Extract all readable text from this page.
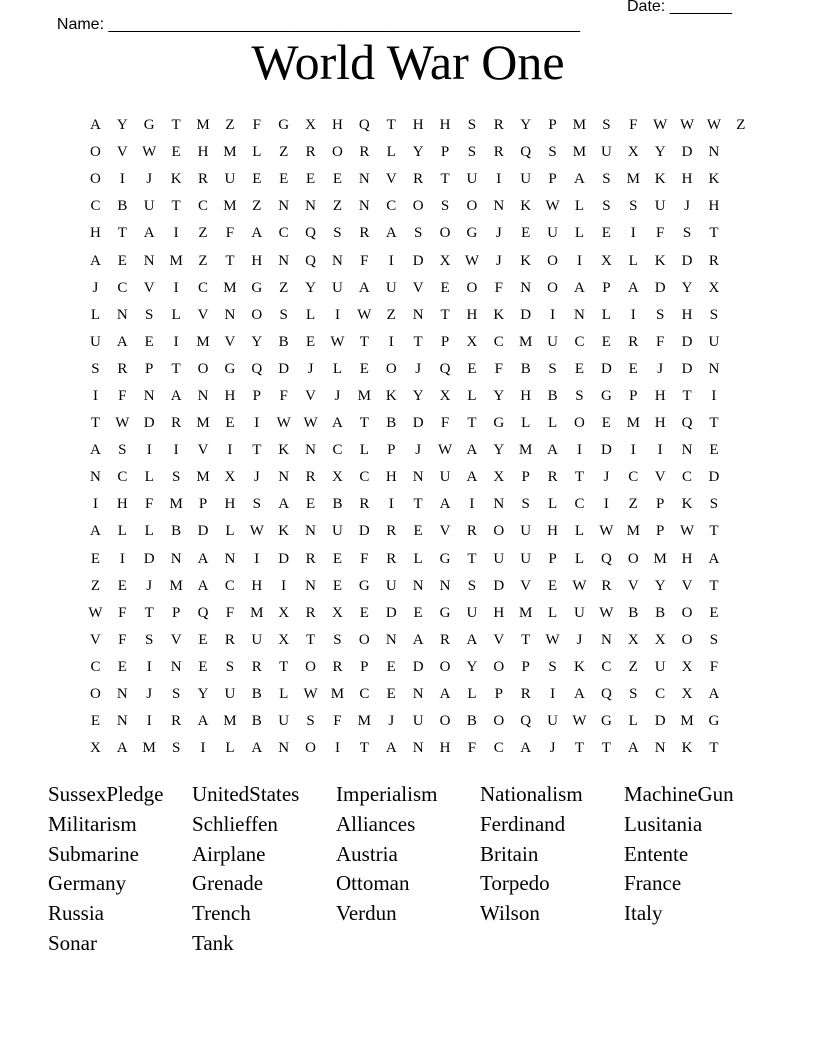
Name: _____________________________________________________

Date: _______

World War One
A	Y	G	T	M	Z	F	G	X	H	Q	T	H	H	S	R	Y	P	M	S	F	W W W	Z
O	V W	E	H M	L	Z	R	O	R	L	Y	P	S	R	Q	S	M U	X	Y	D	N
O	I	J	K	R	U	E	E	E	E	N	V	R	T	U	I	U	P	A	S	M K	H	K
C	B	U	T	C	M	Z	N	N	Z	N	C	O	S	O	N	K W	L	S	S	U	J	H
H	T	A	I	Z	F	A	C	Q	S	R	A	S	O	G	J	E	U	L	E	I	F	S	T
A	E	N M	Z	T	H	N	Q	N	F	I	D	X W	J	K	O	I	X	L	K	D	R
J	C	V	I	C	M G	Z	Y	U	A	U	V	E	O	F	N	O	A	P	A	D	Y	X
L	N	S	L	V	N	O	S	L	I	W	Z	N	T	H	K	D	I	N	L	I	S	H	S
U	A	E	I	M V	Y	B	E	W	T	I	T	P	X	C	M U	C	E	R	F	D	U
S	R	P	T	O	G	Q	D	J	L	E	O	J	Q	E	F	B	S	E	D	E	J	D	N
I	F	N	A	N	H	P	F	V	J	M K	Y	X	L	Y	H	B	S	G	P	H	T	I
T	W D	R	M	E	I	W W A	T	B	D	F	T	G	L	L	O	E	M H	Q	T
A	S	I	I	V	I	T	K	N	C	L	P	J	W A	Y M A	I	D	I	I	N	E
N	C	L	S	M X	J	N	R	X	C	H	N	U	A	X	P	R	T	J	C	V	C	D
I	H	F	M	P	H	S	A	E	B	R	I	T	A	I	N	S	L	C	I	Z	P	K	S
A	L	L	B	D	L	W K	N	U	D	R	E	V	R	O	U	H	L	W M	P	W	T
E	I	D	N	A	N	I	D	R	E	F	R	L	G	T	U	U	P	L	Q	O M H	A
Z	E	J	M A	C	H	I	N	E	G	U	N	N	S	D	V	E	W R	V	Y	V	T
W	F	T	P	Q	F	M X	R	X	E	D	E	G	U	H M	L	U W B	B	O	E
V	F	S	V	E	R	U	X	T	S	O	N	A	R	A	V	T	W	J	N	X	X	O	S
C	E	I	N	E	S	R	T	O	R	P	E	D	O	Y	O	P	S	K	C	Z	U	X	F
O	N	J	S	Y	U	B	L	W M	C	E	N	A	L	P	R	I	A	Q	S	C	X	A
E	N	I	R	A M	B	U	S	F	M	J	U	O	B	O	Q	U W G	L	D M G
X	A M	S	I	L	A	N	O	I	T	A	N	H	F	C	A	J	T	T	A	N	K	T
SussexPledge	UnitedStates	Imperialism	Nationalism	MachineGun
Militarism	Schlieffen	Alliances	Ferdinand	Lusitania
Submarine	Airplane	Austria	Britain	Entente
Germany	Grenade	Ottoman	Torpedo	France
Russia	Trench	Verdun	Wilson	Italy
Sonar	Tank
